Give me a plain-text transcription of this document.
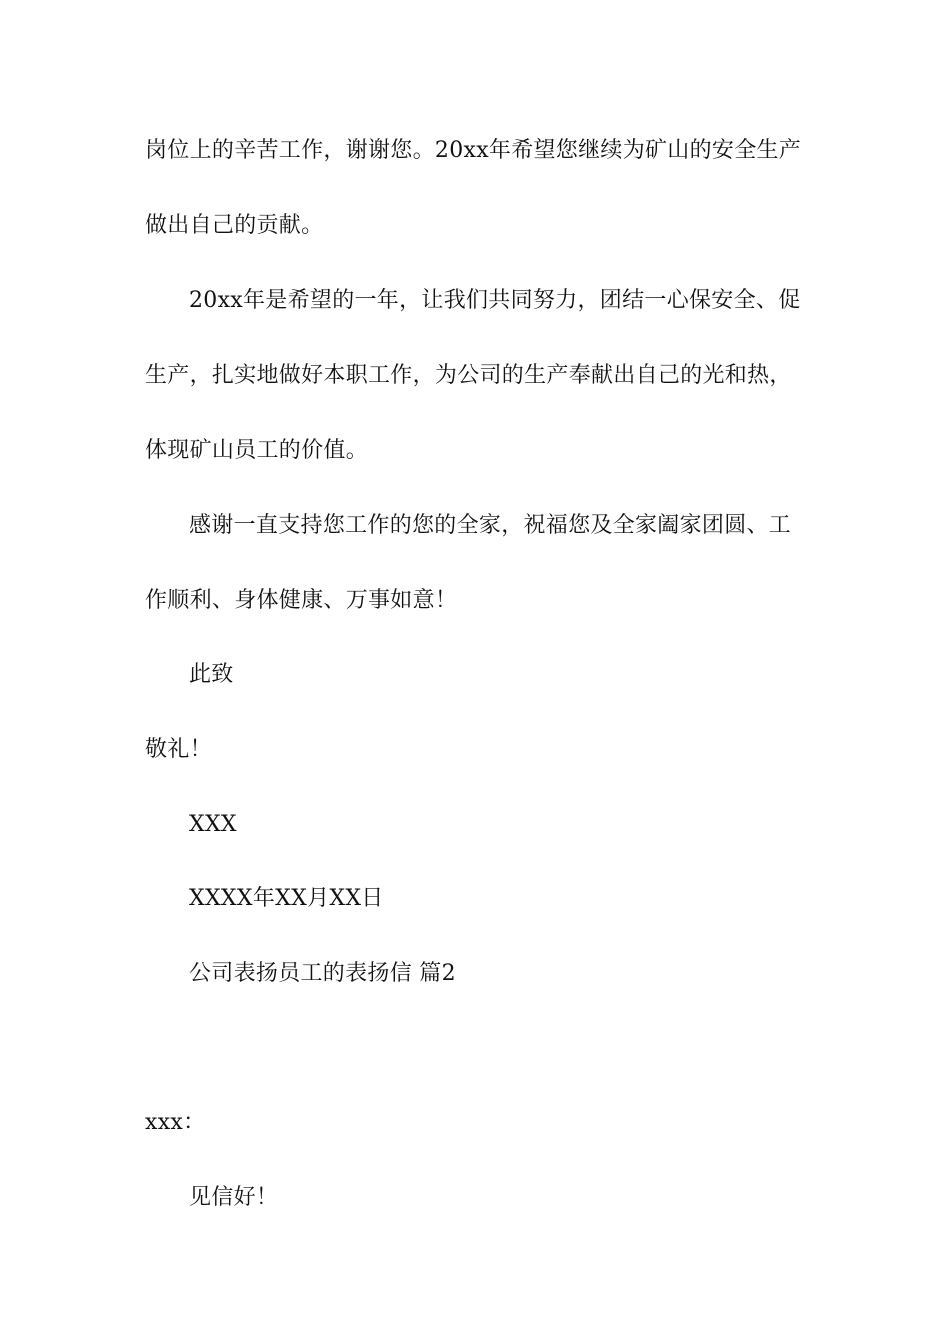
岗位上的辛苦工作，谢谢您。20xx年希望您继续为矿山的安全生产
做出自己的贡献。
20xx年是希望的一年，让我们共同努力，团结一心保安全、促
生产，扎实地做好本职工作，为公司的生产奉献出自己的光和热，
体现矿山员工的价值。
感谢一直支持您工作的您的全家，祝福您及全家阖家团圆、工
作顺利、身体健康、万事如意！
此致
敬礼！
XXX
XXXX年XX月XX日
公司表扬员工的表扬信 篇2
xxx：
见信好！
